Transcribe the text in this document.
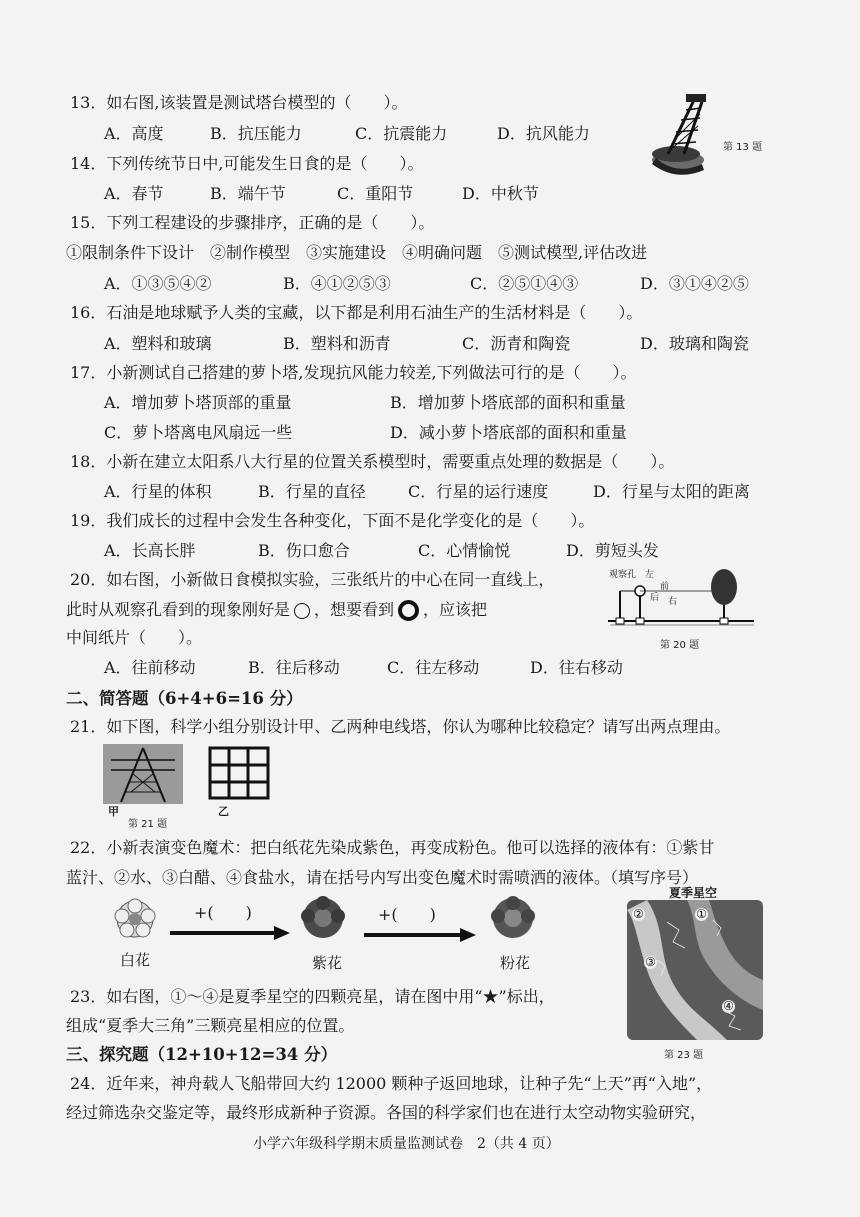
13．如右图,该装置是测试塔台模型的（　　）。
A．高度	B．抗压能力	C．抗震能力	D．抗风能力
第 13 题
14．下列传统节日中,可能发生日食的是（　　）。
A．春节	B．端午节	C．重阳节	D．中秋节
15．下列工程建设的步骤排序，正确的是（　　）。
①限制条件下设计　②制作模型　③实施建设　④明确问题　⑤测试模型,评估改进
A．①③⑤④②	B．④①②⑤③	C．②⑤①④③	D．③①④②⑤
16．石油是地球赋予人类的宝藏，以下都是利用石油生产的生活材料是（　　）。
A．塑料和玻璃	B．塑料和沥青	C．沥青和陶瓷	D．玻璃和陶瓷
17．小新测试自己搭建的萝卜塔,发现抗风能力较差,下列做法可行的是（　　）。
A．增加萝卜塔顶部的重量	B．增加萝卜塔底部的面积和重量
C．萝卜塔离电风扇远一些	D．减小萝卜塔底部的面积和重量
18．小新在建立太阳系八大行星的位置关系模型时，需要重点处理的数据是（　　）。
A．行星的体积	B．行星的直径	C．行星的运行速度	D．行星与太阳的距离
19．我们成长的过程中会发生各种变化，下面不是化学变化的是（　　）。
A．长高长胖	B．伤口愈合	C．心情愉悦	D．剪短头发
20．如右图，小新做日食模拟实验，三张纸片的中心在同一直线上，
此时从观察孔看到的现象刚好是 ，想要看到 ，应该把
中间纸片（　　）。
A．往前移动	B．往后移动	C．往左移动	D．往右移动
观察孔 左
前
后 右
第 20 题
二、简答题（6+4+6=16 分）
21．如下图，科学小组分别设计甲、乙两种电线塔，你认为哪种比较稳定？请写出两点理由。
甲	乙
第 21 题
22．小新表演变色魔术：把白纸花先染成紫色，再变成粉色。他可以选择的液体有：①紫甘
蓝汁、②水、③白醋、④食盐水，请在括号内写出变色魔术时需喷洒的液体。（填写序号）
+(　　)	+(　　)
白花	紫花	粉花
夏季星空
②	①
③
④
第 23 题
23．如右图，①～④是夏季星空的四颗亮星，请在图中用“★”标出，
组成“夏季大三角”三颗亮星相应的位置。
三、探究题（12+10+12=34 分）
24．近年来，神舟载人飞船带回大约 12000 颗种子返回地球，让种子先“上天”再“入地”，
经过筛选杂交鉴定等，最终形成新种子资源。各国的科学家们也在进行太空动物实验研究，
小学六年级科学期末质量监测试卷　2（共 4 页）
